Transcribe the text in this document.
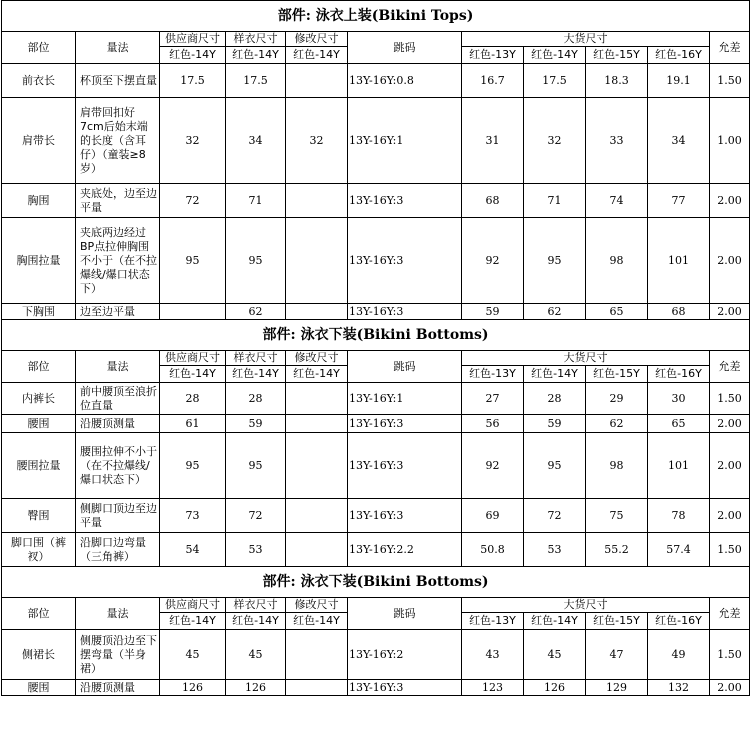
部件: 泳衣上装(Bikini Tops)										
部位	量法	供应商尺寸	样衣尺寸	修改尺寸	跳码	大货尺寸				允差
		红色-14Y	红色-14Y	红色-14Y		红色-13Y	红色-14Y	红色-15Y	红色-16Y	
前衣长	杯顶至下摆直量	17.5	17.5		13Y-16Y:0.8	16.7	17.5	18.3	19.1	1.50
肩带长	肩带回扣好7cm后始末端的长度（含耳仔）（童装≥8岁）	32	34	32	13Y-16Y:1	31	32	33	34	1.00
胸围	夹底处，边至边平量	72	71		13Y-16Y:3	68	71	74	77	2.00
胸围拉量	夹底两边经过BP点拉伸胸围不小于（在不拉爆线/爆口状态下）	95	95		13Y-16Y:3	92	95	98	101	2.00
下胸围	边至边平量		62		13Y-16Y:3	59	62	65	68	2.00
部件: 泳衣下装(Bikini Bottoms)										
部位	量法	供应商尺寸	样衣尺寸	修改尺寸	跳码	大货尺寸				允差
		红色-14Y	红色-14Y	红色-14Y		红色-13Y	红色-14Y	红色-15Y	红色-16Y	
内裤长	前中腰顶至浪折位直量	28	28		13Y-16Y:1	27	28	29	30	1.50
腰围	沿腰顶测量	61	59		13Y-16Y:3	56	59	62	65	2.00
腰围拉量	腰围拉伸不小于（在不拉爆线/爆口状态下）	95	95		13Y-16Y:3	92	95	98	101	2.00
臀围	侧脚口顶边至边平量	73	72		13Y-16Y:3	69	72	75	78	2.00
脚口围（裤衩）	沿脚口边弯量（三角裤）	54	53		13Y-16Y:2.2	50.8	53	55.2	57.4	1.50
部件: 泳衣下装(Bikini Bottoms)										
部位	量法	供应商尺寸	样衣尺寸	修改尺寸	跳码	大货尺寸				允差
		红色-14Y	红色-14Y	红色-14Y		红色-13Y	红色-14Y	红色-15Y	红色-16Y	
侧裙长	侧腰顶沿边至下摆弯量（半身裙）	45	45		13Y-16Y:2	43	45	47	49	1.50
腰围	沿腰顶测量	126	126		13Y-16Y:3	123	126	129	132	2.00
